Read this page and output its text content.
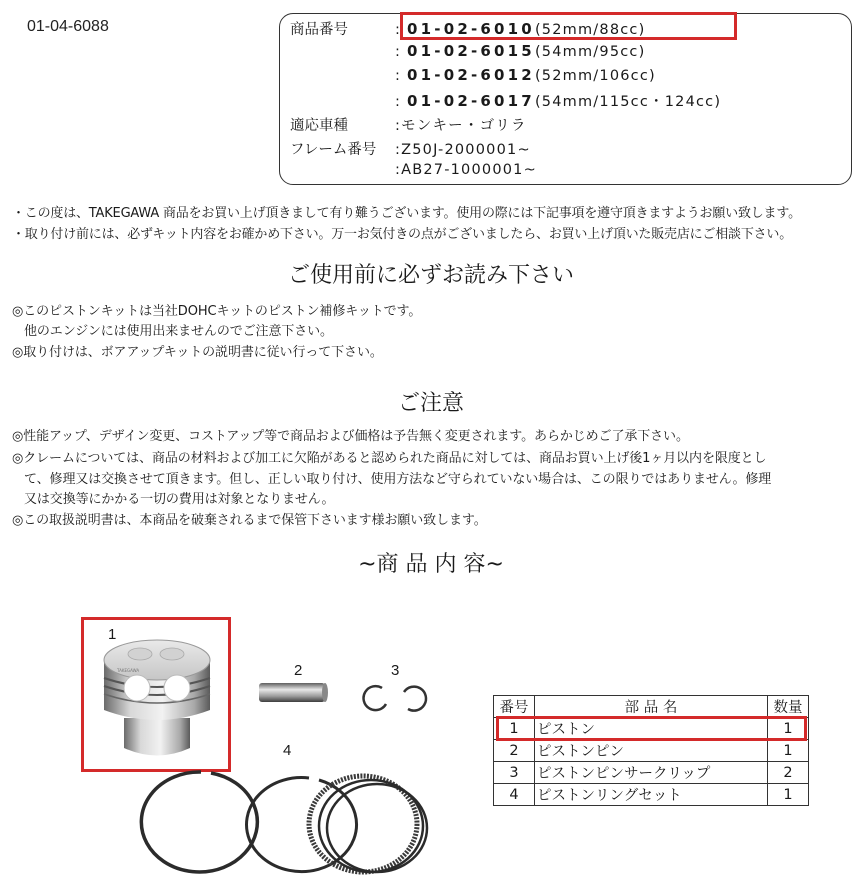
01-04-6088	商品番号	: 01-02-6010(52mm/88cc)
: 01-02-6015(54mm/95cc)
: 01-02-6012(52mm/106cc)
: 01-02-6017(54mm/115cc・124cc)
適応車種	:モンキー・ゴリラ
フレーム番号 :Z50J-2000001~
:AB27-1000001~
・この度は、TAKEGAWA 商品をお買い上げ頂きまして有り難うございます。使用の際には下記事項を遵守頂きますようお願い致します。
・取り付け前には、必ずキット内容をお確かめ下さい。万一お気付きの点がございましたら、お買い上げ頂いた販売店にご相談下さい。
ご使用前に必ずお読み下さい
◎このピストンキットは当社DOHCキットのピストン補修キットです。
他のエンジンには使用出来ませんのでご注意下さい。
◎取り付けは、ボアアップキットの説明書に従い行って下さい。
ご注意
◎性能アップ、デザイン変更、コストアップ等で商品および価格は予告無く変更されます。あらかじめご了承下さい。
◎クレームについては、商品の材料および加工に欠陥があると認められた商品に対しては、商品お買い上げ後1ヶ月以内を限度とし
て、修理又は交換させて頂きます。但し、正しい取り付け、使用方法など守られていない場合は、この限りではありません。修理
又は交換等にかかる一切の費用は対象となりません。
◎この取扱説明書は、本商品を破棄されるまで保管下さいます様お願い致します。
~商 品 内 容~
1
TAKEGAWA	2	3
4
番号	部 品 名	数量
1	ピストン	1
2	ピストンピン	1
3	ピストンピンサークリップ	2
4	ピストンリングセット	1
